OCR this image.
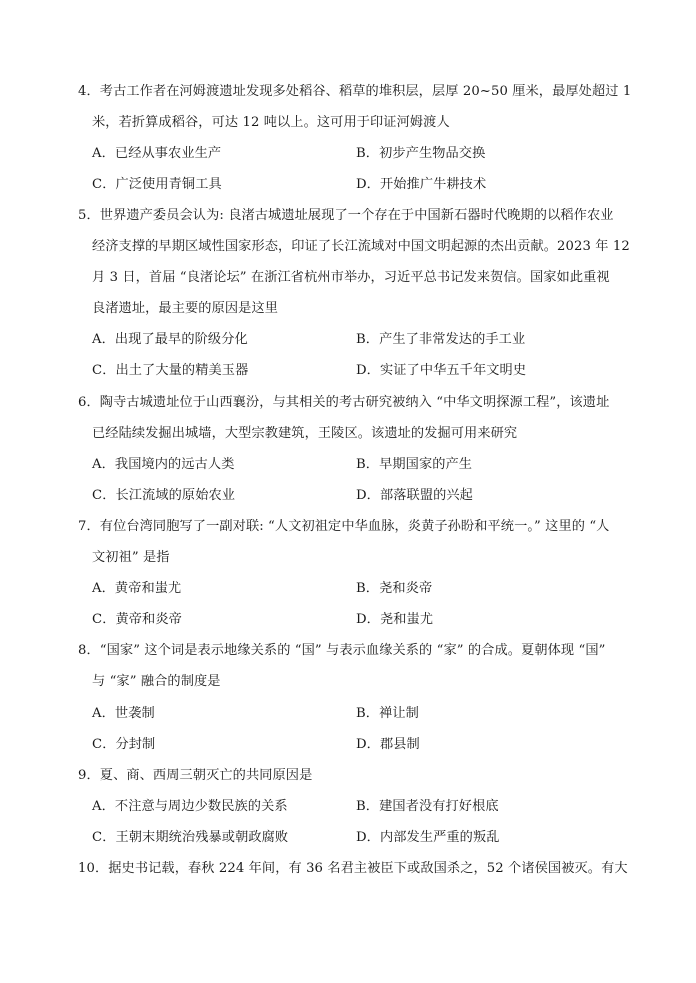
4．考古工作者在河姆渡遗址发现多处稻谷、稻草的堆积层，层厚 20~50 厘米，最厚处超过 1
米，若折算成稻谷，可达 12 吨以上。这可用于印证河姆渡人
A．已经从事农业生产	B．初步产生物品交换
C．广泛使用青铜工具	D．开始推广牛耕技术
5．世界遗产委员会认为: 良渚古城遗址展现了一个存在于中国新石器时代晚期的以稻作农业
经济支撑的早期区域性国家形态，印证了长江流域对中国文明起源的杰出贡献。2023 年 12
月 3 日，首届 “良渚论坛” 在浙江省杭州市举办，习近平总书记发来贺信。国家如此重视
良渚遗址，最主要的原因是这里
A．出现了最早的阶级分化	B．产生了非常发达的手工业
C．出土了大量的精美玉器	D．实证了中华五千年文明史
6．陶寺古城遗址位于山西襄汾，与其相关的考古研究被纳入 “中华文明探源工程”，该遗址
已经陆续发掘出城墙，大型宗教建筑，王陵区。该遗址的发掘可用来研究
A．我国境内的远古人类	B．早期国家的产生
C．长江流域的原始农业	D．部落联盟的兴起
7．有位台湾同胞写了一副对联: “人文初祖定中华血脉，炎黄子孙盼和平统一。” 这里的 “人
文初祖” 是指
A．黄帝和蚩尤	B．尧和炎帝
C．黄帝和炎帝	D．尧和蚩尤
8．“国家” 这个词是表示地缘关系的 “国” 与表示血缘关系的 “家” 的合成。夏朝体现 “国”
与 “家” 融合的制度是
A．世袭制	B．禅让制
C．分封制	D．郡县制
9．夏、商、西周三朝灭亡的共同原因是
A．不注意与周边少数民族的关系	B．建国者没有打好根底
C．王朝末期统治残暴或朝政腐败	D．内部发生严重的叛乱
10．据史书记载，春秋 224 年间，有 36 名君主被臣下或敌国杀之，52 个诸侯国被灭。有大
